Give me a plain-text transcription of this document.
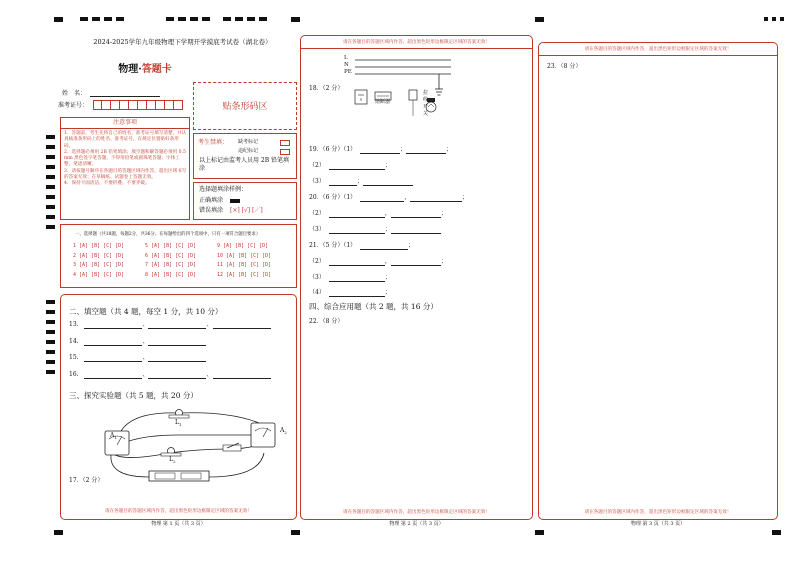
2024-2025学年九年级物理下学期开学摸底考试卷（湖北卷）
物理·答题卡
姓　名：
准考证号：	贴条形码区
注意事项
1．答题前，考生先将自己的姓名，准考证号填写清楚，并认真核准条形码上的姓名、准考证号，在规定位置贴好条形码。
2．选择题必须用 2B 铅笔填涂；填空题和解答题必须用 0.5 mm 黑色签字笔答题，不得用铅笔或圆珠笔答题；字体工整、笔迹清晰。
3．请按题号顺序在各题目的答题区域内作答，超出区域书写的答案无效；在草稿纸、试题卷上答题无效。
4．保持卡面清洁，不要折叠、不要弄破。
考生禁填： 缺考标记
违纪标记
以上标记由监考人员用 2B 铅笔填涂
选择题填涂样例：
正确填涂
错误填涂 [×] [√] [／]
一、选择题（共18题，每题2分，共36分。在每题给出的四个选项中，只有一项符合题目要求）
1 [A] [B] [C] [D]
2 [A] [B] [C] [D]
3 [A] [B] [C] [D]
4 [A] [B] [C] [D]
5 [A] [B] [C] [D]
6 [A] [B] [C] [D]
7 [A] [B] [C] [D]
8 [A] [B] [C] [D]
9 [A] [B] [C] [D]
10 [A] [B] [C] [D]
11 [A] [B] [C] [D]
12 [A] [B] [C] [D]
二、填空题（共 4 题，每空 1 分，共 10 分）
13.	、	、
14.	、
15.	、
16.	、	、
三、探究实验题（共 5 题，共 20 分）
$A_1$
$A_2$
$L_1$
$L_2$
17．（2 分）
请在各题目的答题区域内作答，超出黑色矩形边框限定区域的答案无效！
物理 第 1 页（共 3 页）
请在各题目的答题区域内作答，超出黑色矩形边框限定区域的答案无效！
L
N
PE
熔断器
拉线开关
18．（2 分）
19．（6 分）（1）	；	；
（2）	；
（3）	；
20．（6 分）（1）	，	；
（2）	，	；
（3）	；
21．（5 分）（1）	；
（2）	，	；
（3）	；
（4）	；
四、综合应用题（共 2 题，共 16 分）
22．（8 分）
请在各题目的答题区域内作答，超出黑色矩形边框限定区域的答案无效！
物理 第 2 页（共 3 页）
请在各题目的答题区域内作答，超出黑色矩形边框限定区域的答案无效！
23．（8 分）
请在各题目的答题区域内作答，超出黑色矩形边框限定区域的答案无效！
物理 第 3 页（共 3 页）
